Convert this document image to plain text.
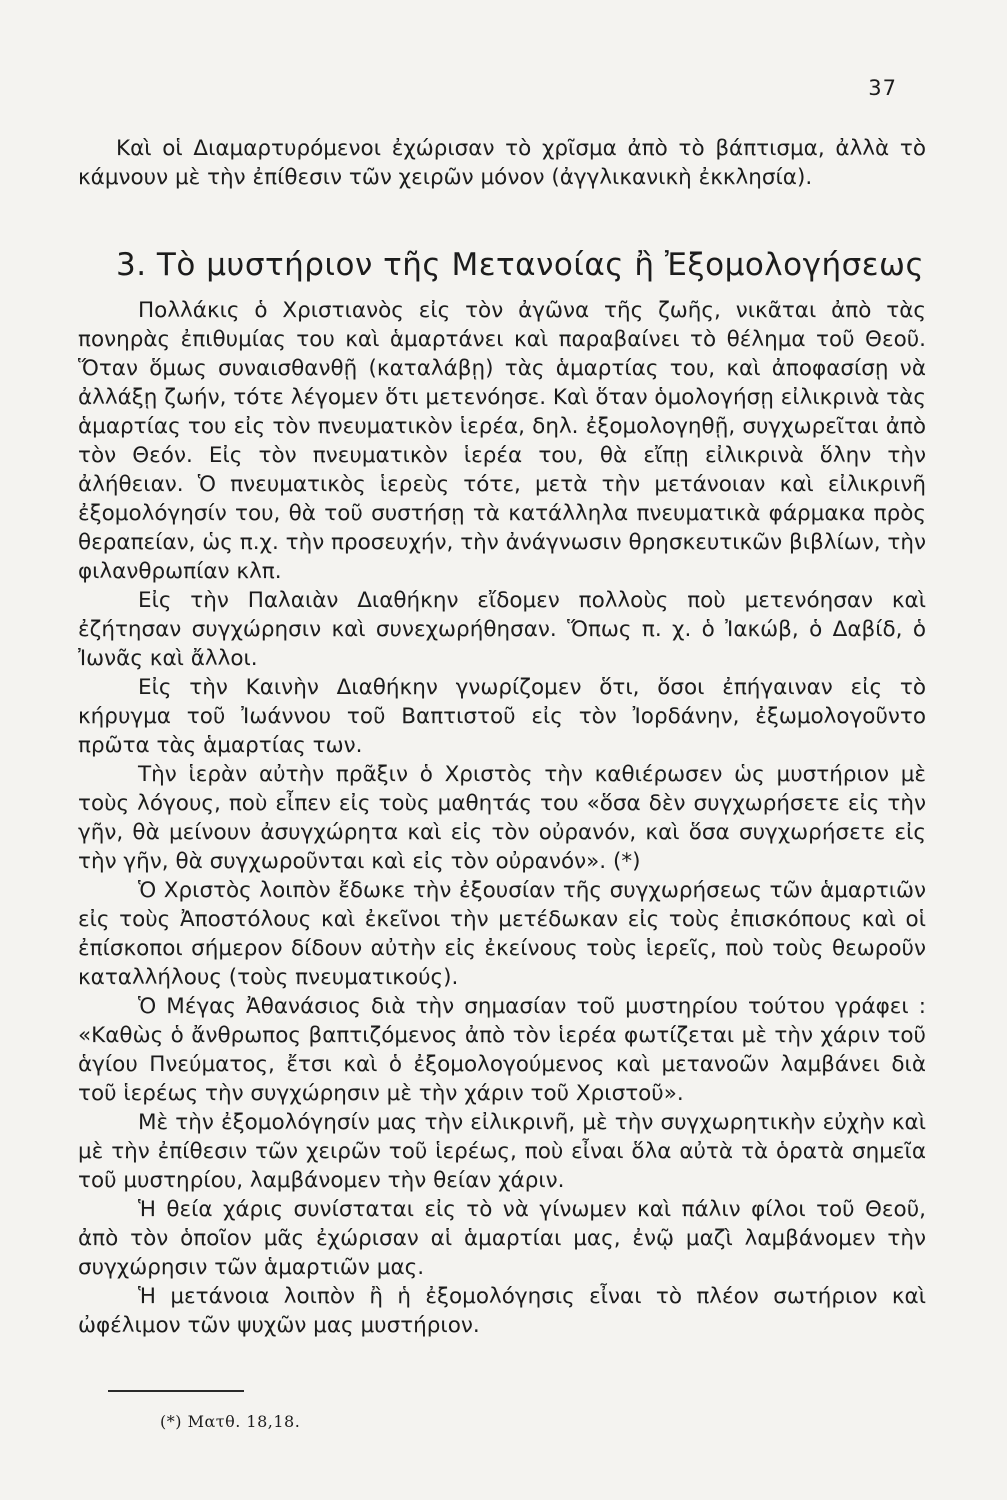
37

Καὶ οἱ Διαμαρτυρόμενοι ἐχώρισαν τὸ χρῖσμα ἀπὸ τὸ βάπτισμα, ἀλλὰ τὸ κάμνουν μὲ τὴν ἐπίθεσιν τῶν χειρῶν μόνον (ἀγγλικανικὴ ἐκκλησία).

3. Τὸ μυστήριον τῆς Μετανοίας ἢ Ἐξομολογήσεως

Πολλάκις ὁ Χριστιανὸς εἰς τὸν ἀγῶνα τῆς ζωῆς, νικᾶται ἀπὸ τὰς πονηρὰς ἐπιθυμίας του καὶ ἁμαρτάνει καὶ παραβαίνει τὸ θέλημα τοῦ Θεοῦ. Ὅταν ὅμως συναισθανθῇ (καταλάβῃ) τὰς ἁμαρτίας του, καὶ ἀποφασίσῃ νὰ ἀλλάξῃ ζωήν, τότε λέγομεν ὅτι μετενόησε. Καὶ ὅταν ὁμολογήσῃ εἰλικρινὰ τὰς ἁμαρτίας του εἰς τὸν πνευματικὸν ἱερέα, δηλ. ἐξομολογηθῇ, συγχωρεῖται ἀπὸ τὸν Θεόν. Εἰς τὸν πνευματικὸν ἱερέα του, θὰ εἴπῃ εἰλικρινὰ ὅλην τὴν ἀλήθειαν. Ὁ πνευματικὸς ἱερεὺς τότε, μετὰ τὴν μετάνοιαν καὶ εἰλικρινῆ ἐξομολόγησίν του, θὰ τοῦ συστήσῃ τὰ κατάλληλα πνευματικὰ φάρμακα πρὸς θεραπείαν, ὡς π.χ. τὴν προσευχήν, τὴν ἀνάγνωσιν θρησκευτικῶν βιβλίων, τὴν φιλανθρωπίαν κλπ.

Εἰς τὴν Παλαιὰν Διαθήκην εἴδομεν πολλοὺς ποὺ μετενόησαν καὶ ἐζήτησαν συγχώρησιν καὶ συνεχωρήθησαν. Ὅπως π. χ. ὁ Ἰακώβ, ὁ Δαβίδ, ὁ Ἰωνᾶς καὶ ἄλλοι.

Εἰς τὴν Καινὴν Διαθήκην γνωρίζομεν ὅτι, ὅσοι ἐπήγαιναν εἰς τὸ κήρυγμα τοῦ Ἰωάννου τοῦ Βαπτιστοῦ εἰς τὸν Ἰορδάνην, ἐξωμολογοῦντο πρῶτα τὰς ἁμαρτίας των.

Τὴν ἱερὰν αὐτὴν πρᾶξιν ὁ Χριστὸς τὴν καθιέρωσεν ὡς μυστήριον μὲ τοὺς λόγους, ποὺ εἶπεν εἰς τοὺς μαθητάς του «ὅσα δὲν συγχωρήσετε εἰς τὴν γῆν, θὰ μείνουν ἀσυγχώρητα καὶ εἰς τὸν οὐρανόν, καὶ ὅσα συγχωρήσετε εἰς τὴν γῆν, θὰ συγχωροῦνται καὶ εἰς τὸν οὐρανόν». (*)

Ὁ Χριστὸς λοιπὸν ἔδωκε τὴν ἐξουσίαν τῆς συγχωρήσεως τῶν ἁμαρτιῶν εἰς τοὺς Ἀποστόλους καὶ ἐκεῖνοι τὴν μετέδωκαν εἰς τοὺς ἐπισκόπους καὶ οἱ ἐπίσκοποι σήμερον δίδουν αὐτὴν εἰς ἐκείνους τοὺς ἱερεῖς, ποὺ τοὺς θεωροῦν καταλλήλους (τοὺς πνευματικούς).

Ὁ Μέγας Ἀθανάσιος διὰ τὴν σημασίαν τοῦ μυστηρίου τούτου γράφει : «Καθὼς ὁ ἄνθρωπος βαπτιζόμενος ἀπὸ τὸν ἱερέα φωτίζεται μὲ τὴν χάριν τοῦ ἁγίου Πνεύματος, ἔτσι καὶ ὁ ἐξομολογούμενος καὶ μετανοῶν λαμβάνει διὰ τοῦ ἱερέως τὴν συγχώρησιν μὲ τὴν χάριν τοῦ Χριστοῦ».

Μὲ τὴν ἐξομολόγησίν μας τὴν εἰλικρινῆ, μὲ τὴν συγχωρητικὴν εὐχὴν καὶ μὲ τὴν ἐπίθεσιν τῶν χειρῶν τοῦ ἱερέως, ποὺ εἶναι ὅλα αὐτὰ τὰ ὁρατὰ σημεῖα τοῦ μυστηρίου, λαμβάνομεν τὴν θείαν χάριν.

Ἡ θεία χάρις συνίσταται εἰς τὸ νὰ γίνωμεν καὶ πάλιν φίλοι τοῦ Θεοῦ, ἀπὸ τὸν ὁποῖον μᾶς ἐχώρισαν αἱ ἁμαρτίαι μας, ἐνῷ μαζὶ λαμβάνομεν τὴν συγχώρησιν τῶν ἁμαρτιῶν μας.

Ἡ μετάνοια λοιπὸν ἢ ἡ ἐξομολόγησις εἶναι τὸ πλέον σωτήριον καὶ ὠφέλιμον τῶν ψυχῶν μας μυστήριον.

(*) Ματθ. 18,18.
